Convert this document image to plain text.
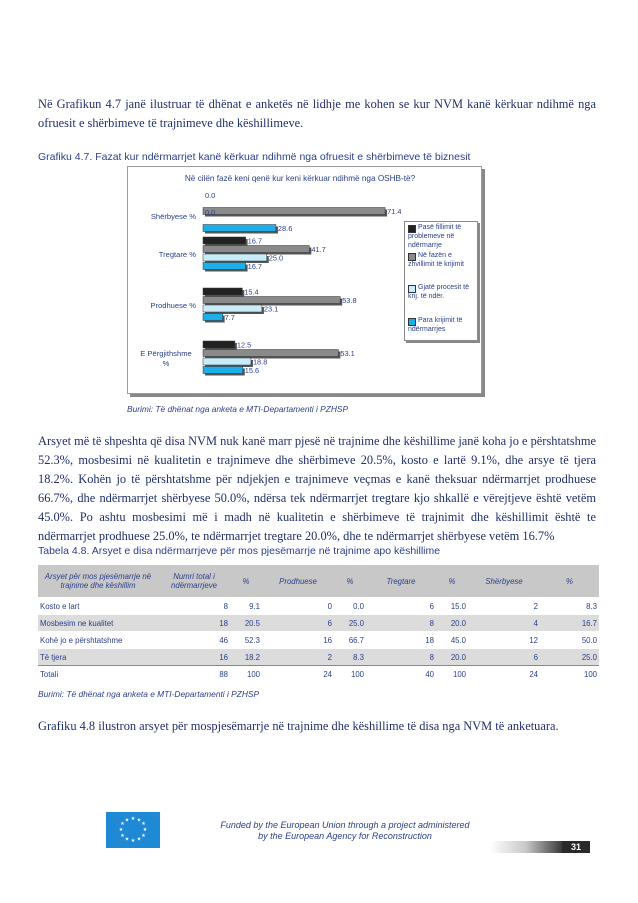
Në Grafikun 4.7 janë ilustruar të dhënat e anketës në lidhje me kohen se kur NVM kanë kërkuar ndihmë nga ofruesit e shërbimeve të trajnimeve dhe këshillimeve.
Grafiku 4.7. Fazat kur ndërmarrjet kanë kërkuar ndihmë nga ofruesit e shërbimeve të biznesit
Në cilën fazë keni qenë kur keni kërkuar ndihmë nga OSHB-të?
Shërbyese %
0.0
71.4
0.0
28.6
Tregtare %
16.7
41.7
25.0
16.7
Prodhuese %
15.4
53.8
23.1
7.7
E Përgjithshme
%
12.5
53.1
18.8
15.6
Pasë fillimit të problemeve në ndërmarrje
Në fazën e zhvillimit të krijimit
Gjatë procesit të krij. të ndër.
Para krijimit të ndërmarrjes
Burimi: Të dhënat nga anketa e MTI-Departamenti i PZHSP
Arsyet më të shpeshta që disa NVM nuk kanë marr pjesë në trajnime dhe këshillime janë koha jo e përshtatshme 52.3%, mosbesimi në kualitetin e trajnimeve dhe shërbimeve 20.5%, kosto e lartë 9.1%, dhe arsye të tjera 18.2%. Kohën jo të përshtatshme për ndjekjen e trajnimeve veçmas e kanë theksuar ndërmarrjet prodhuese 66.7%, dhe ndërmarrjet shërbyese 50.0%, ndërsa tek ndërmarrjet tregtare kjo shkallë e vërejtjeve është vetëm 45.0%. Po ashtu mosbesimi më i madh në kualitetin e shërbimeve të trajnimit dhe këshillimit është te ndërmarrjet prodhuese 25.0%, te ndërmarrjet tregtare 20.0%, dhe te ndërmarrjet shërbyese vetëm 16.7%
Tabela 4.8. Arsyet e disa ndërmarrjeve për mos pjesëmarrje në trajnime apo këshillime
Arsyet për mos pjesëmarrje në trajnime dhe këshillim	Numri total i ndërmarrjeve	%	Prodhuese	%	Tregtare	%	Shërbyese	%
Kosto e lart	8	9.1	0	0.0	6	15.0	2	8.3
Mosbesim ne kualitet	18	20.5	6	25.0	8	20.0	4	16.7
Kohë jo e përshtatshme	46	52.3	16	66.7	18	45.0	12	50.0
Të tjera	16	18.2	2	8.3	8	20.0	6	25.0
Totali	88	100	24	100	40	100	24	100
Burimi: Të dhënat nga anketa e MTI-Departamenti i PZHSP
Grafiku 4.8 ilustron arsyet për mospjesëmarrje në trajnime dhe këshillime të disa nga NVM të anketuara.
★ ★
★
★
★
★
★
★
★
★
★
★	Funded by the European Union through a project administered
by the European Agency for Reconstruction
31
